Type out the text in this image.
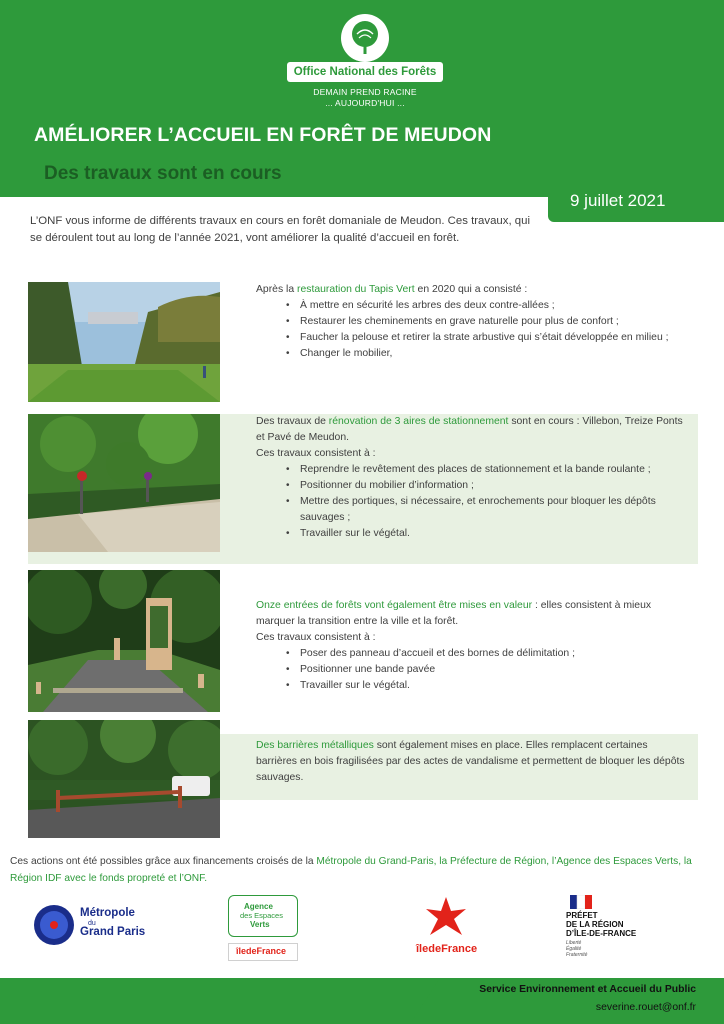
Office National des Forêts
DEMAIN PREND RACINE
... AUJOURD'HUI ...
AMÉLIORER L’ACCUEIL EN FORÊT DE MEUDON
Des travaux sont en cours
9 juillet 2021
L’ONF vous informe de différents travaux en cours en forêt domaniale de Meudon. Ces travaux, qui se déroulent tout au long de l’année 2021, vont améliorer la qualité d’accueil en forêt.
Après la restauration du Tapis Vert en 2020 qui a consisté :
• À mettre en sécurité les arbres des deux contre-allées ;
• Restaurer les cheminements en grave naturelle pour plus de confort ;
• Faucher la pelouse et retirer la strate arbustive qui s’était développée en milieu ;
• Changer le mobilier,
Des travaux de rénovation de 3 aires de stationnement sont en cours : Villebon, Treize Ponts et Pavé de Meudon.
Ces travaux consistent à :
• Reprendre le revêtement des places de stationnement et la bande roulante ;
• Positionner du mobilier d’information ;
• Mettre des portiques, si nécessaire, et enrochements pour bloquer les dépôts sauvages ;
• Travailler sur le végétal.
Onze entrées de forêts vont également être mises en valeur : elles consistent à mieux marquer la transition entre la ville et la forêt.
Ces travaux consistent à :
• Poser des panneau d’accueil et des bornes de délimitation ;
• Positionner une bande pavée
• Travailler sur le végétal.
Des barrières métalliques sont également mises en place. Elles remplacent certaines barrières en bois fragilisées par des actes de vandalisme et permettent de bloquer les dépôts sauvages.
Ces actions ont été possibles grâce aux financements croisés de la Métropole du Grand-Paris, la Préfecture de Région, l’Agence des Espaces Verts, la Région IDF avec le fonds propreté et l’ONF.
Métropole
du
Grand Paris
Agence
des Espaces
Verts
îledeFrance	îledeFrance
PRÉFET
DE LA RÉGION
D’ÎLE-DE-FRANCE
Liberté
Égalité
Fraternité
Service Environnement et Accueil du Public
severine.rouet@onf.fr
